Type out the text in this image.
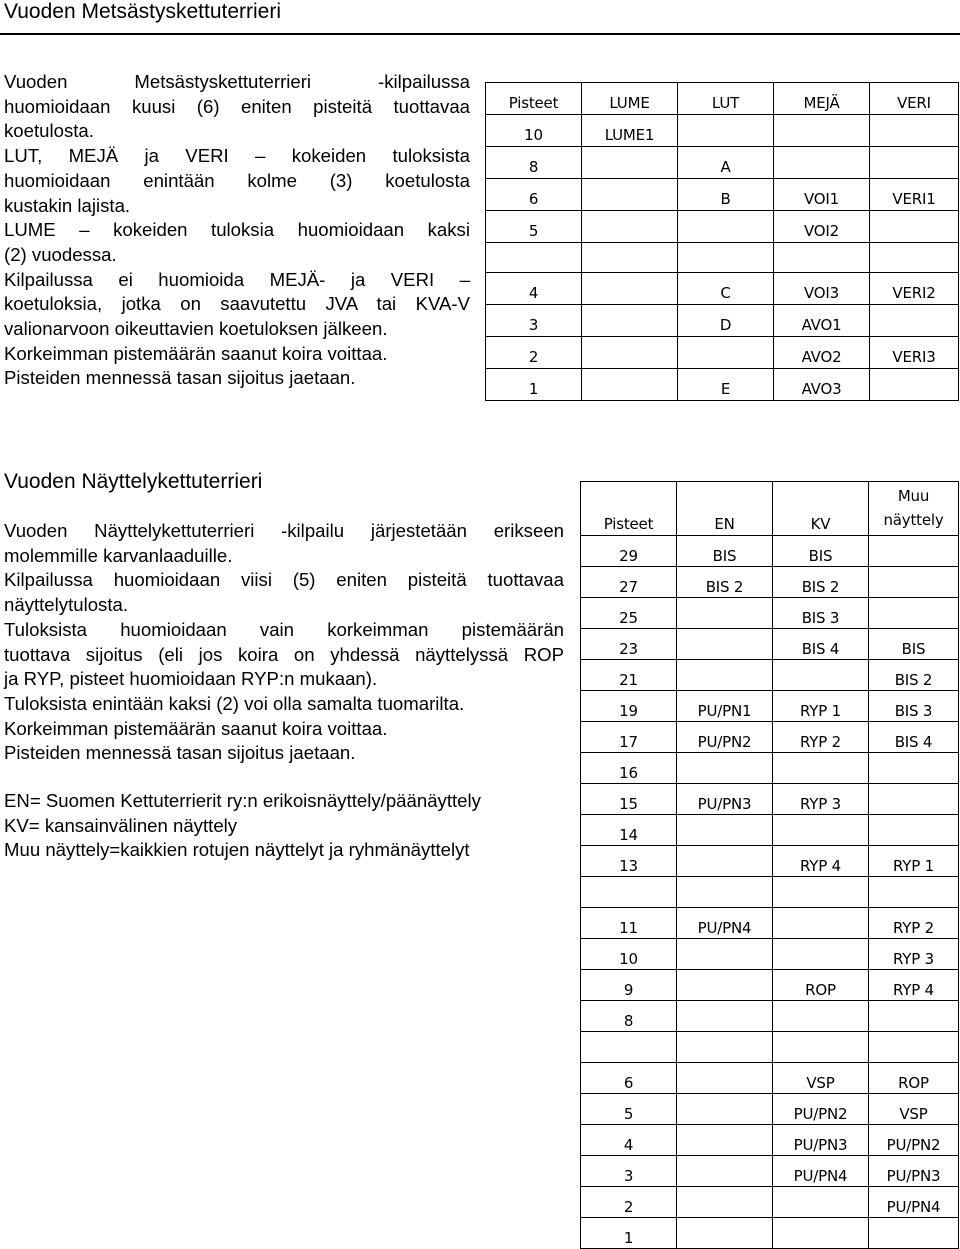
Vuoden Metsästyskettuterrieri

Vuoden Metsästyskettuterrieri -kilpailussa
huomioidaan kuusi (6) eniten pisteitä tuottavaa
koetulosta.
LUT, MEJÄ ja VERI – kokeiden tuloksista
huomioidaan enintään kolme (3) koetulosta
kustakin lajista.
LUME – kokeiden tuloksia huomioidaan kaksi
(2) vuodessa.
Kilpailussa ei huomioida MEJÄ- ja VERI –
koetuloksia, jotka on saavutettu JVA tai KVA-V
valionarvoon oikeuttavien koetuloksen jälkeen.
Korkeimman pistemäärän saanut koira voittaa.
Pisteiden mennessä tasan sijoitus jaetaan.

Pisteet	LUME	LUT	MEJÄ	VERI
10	LUME1			
8		A		
6		B	VOI1	VERI1
5			VOI2	

4		C	VOI3	VERI2
3		D	AVO1	
2			AVO2	VERI3
1		E	AVO3	
Vuoden Näyttelykettuterrieri

Vuoden Näyttelykettuterrieri -kilpailu järjestetään erikseen
molemmille karvanlaaduille.
Kilpailussa huomioidaan viisi (5) eniten pisteitä tuottavaa
näyttelytulosta.
Tuloksista huomioidaan vain korkeimman pistemäärän
tuottava sijoitus (eli jos koira on yhdessä näyttelyssä ROP
ja RYP, pisteet huomioidaan RYP:n mukaan).
Tuloksista enintään kaksi (2) voi olla samalta tuomarilta.
Korkeimman pistemäärän saanut koira voittaa.
Pisteiden mennessä tasan sijoitus jaetaan.

EN= Suomen Kettuterrierit ry:n erikoisnäyttely/päänäyttely
KV= kansainvälinen näyttely
Muu näyttely=kaikkien rotujen näyttelyt ja ryhmänäyttelyt

Pisteet	EN	KV	Muu näyttely
29	BIS	BIS	
27	BIS 2	BIS 2	
25		BIS 3	
23		BIS 4	BIS
21			BIS 2
19	PU/PN1	RYP 1	BIS 3
17	PU/PN2	RYP 2	BIS 4
16			
15	PU/PN3	RYP 3	
14			
13		RYP 4	RYP 1

11	PU/PN4		RYP 2
10			RYP 3
9		ROP	RYP 4
8			

6		VSP	ROP
5		PU/PN2	VSP
4		PU/PN3	PU/PN2
3		PU/PN4	PU/PN3
2			PU/PN4
1			
